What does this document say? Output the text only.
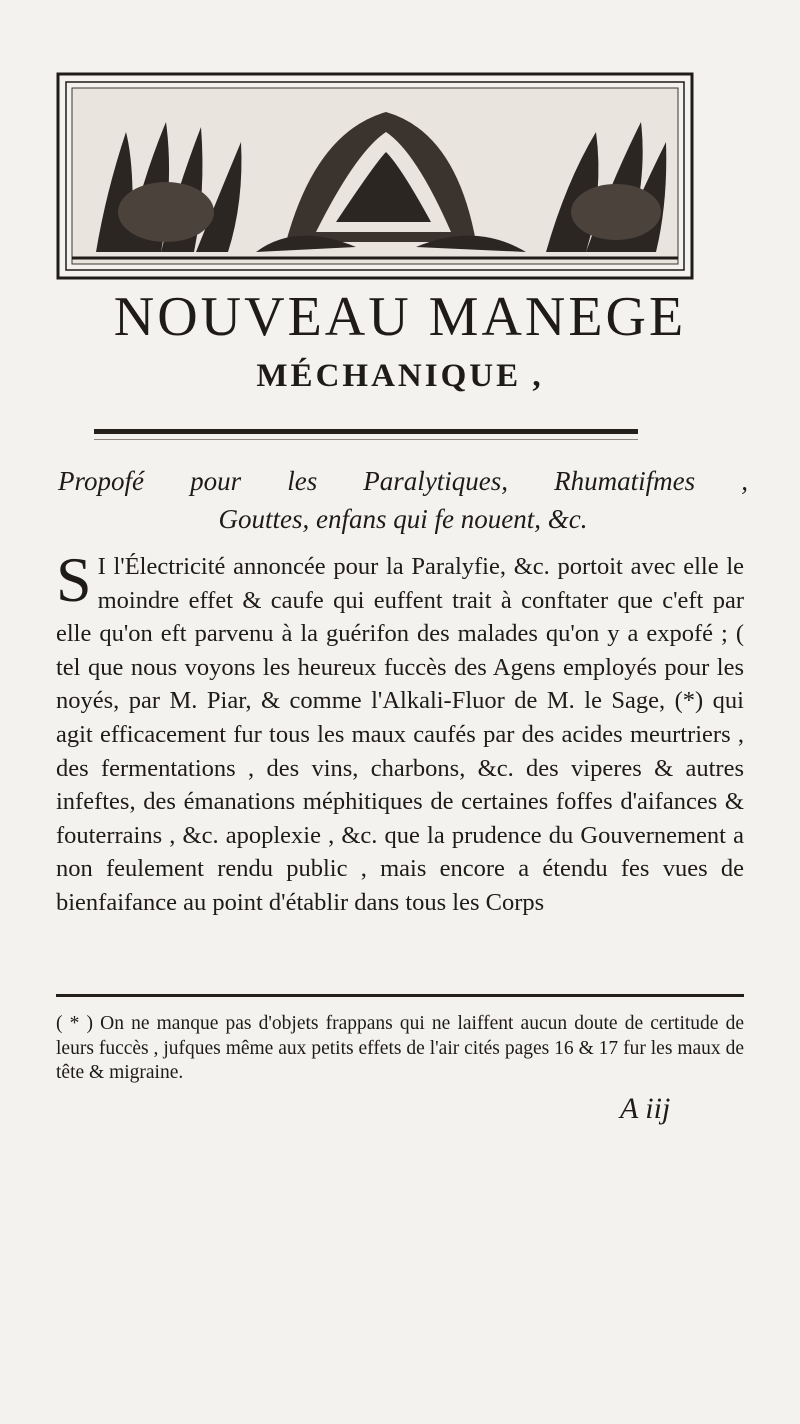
NOUVEAU MANEGE
MÉCHANIQUE ,

Propofé pour les Paralytiques, Rhumatifmes ,

Gouttes, enfans qui fe nouent, &c.

S I l'Électricité annoncée pour la Paralyfie, &c. portoit avec elle le moindre effet & caufe qui euffent trait à conftater que c'eft par elle qu'on eft parvenu à la guérifon des malades qu'on y a expofé ; ( tel que nous voyons les heureux fuccès des Agens employés pour les noyés, par M. Piar, & comme l'Alkali-Fluor de M. le Sage, (*) qui agit efficacement fur tous les maux caufés par des acides meurtriers , des fermentations , des vins, charbons, &c. des viperes & autres infeftes, des émanations méphitiques de certaines foffes d'aifances & fouterrains , &c. apoplexie , &c. que la prudence du Gouvernement a non feulement rendu public , mais encore a étendu fes vues de bienfaifance au point d'établir dans tous les Corps

( * ) On ne manque pas d'objets frappans qui ne laiffent aucun doute de certitude de leurs fuccès , jufques même aux petits effets de l'air cités pages 16 & 17 fur les maux de tête & migraine.

A iij
